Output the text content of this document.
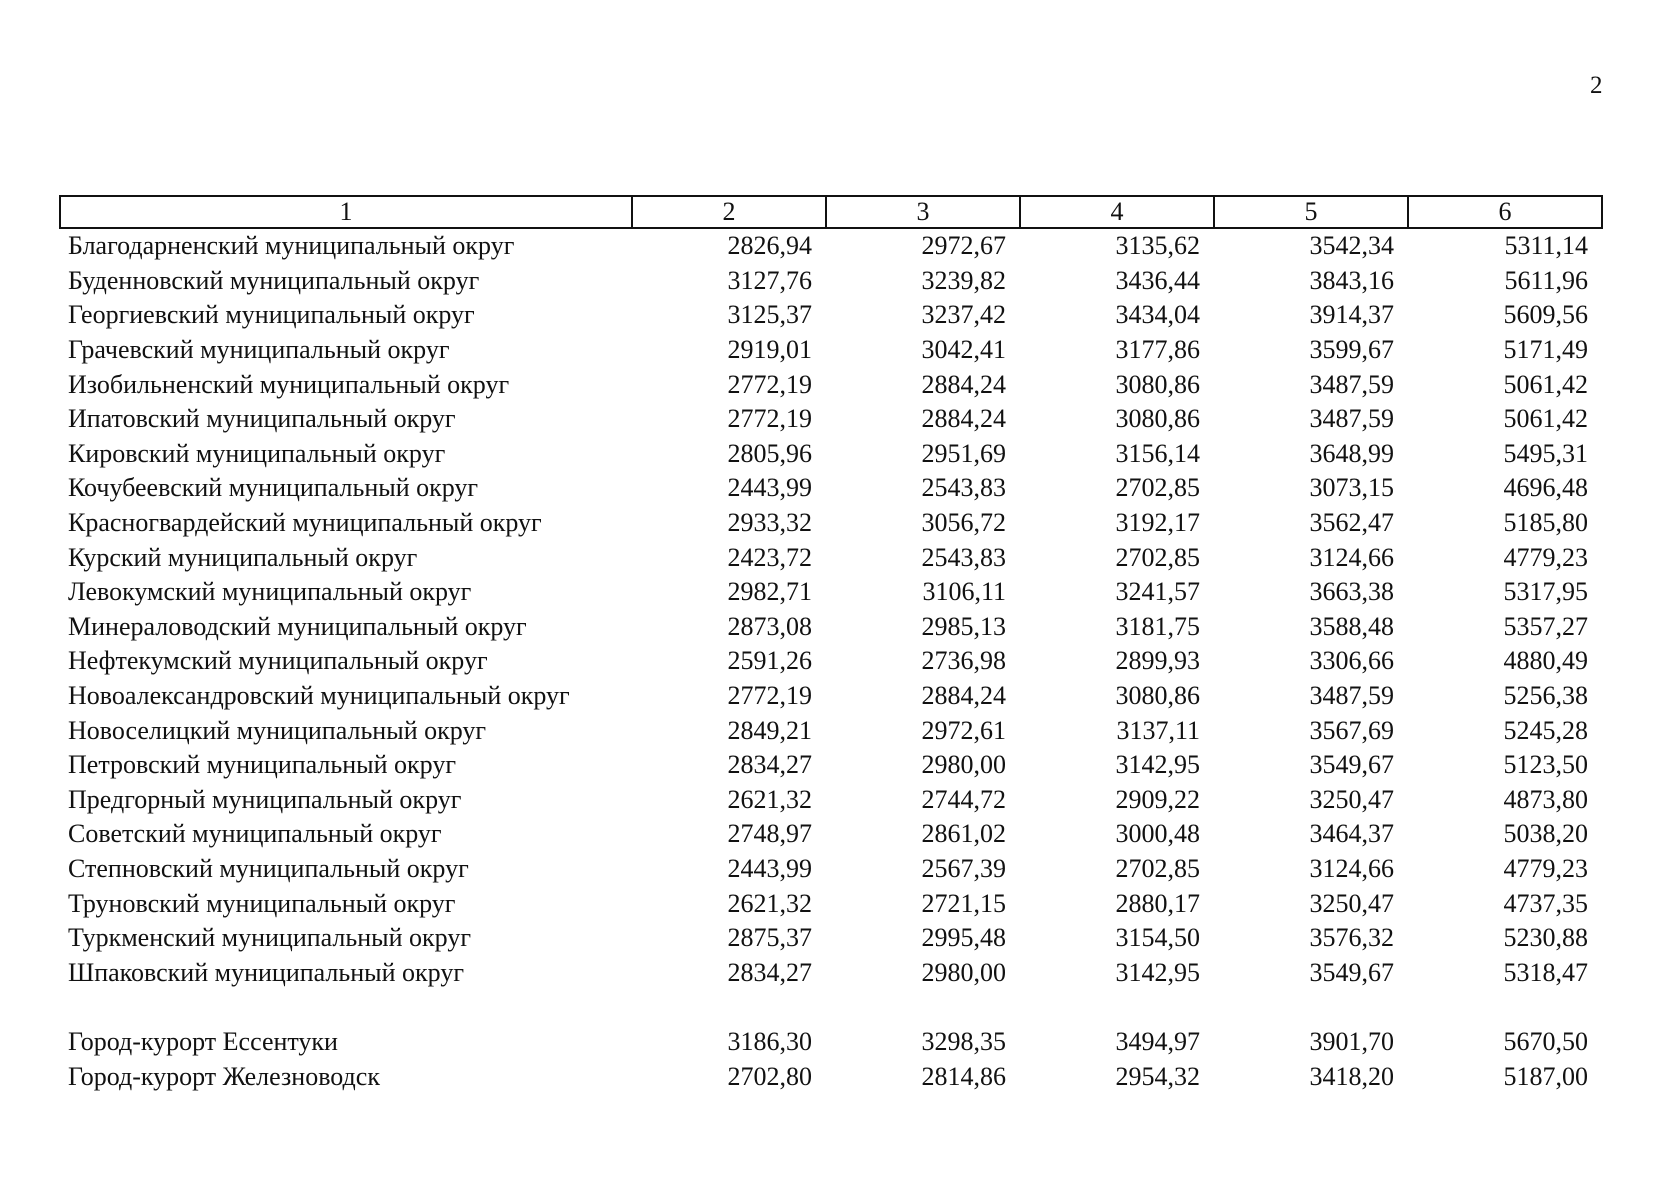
2
1	2	3	4	5	6
Благодарненский муниципальный округ	2826,94	2972,67	3135,62	3542,34	5311,14
Буденновский муниципальный округ	3127,76	3239,82	3436,44	3843,16	5611,96
Георгиевский муниципальный округ	3125,37	3237,42	3434,04	3914,37	5609,56
Грачевский муниципальный округ	2919,01	3042,41	3177,86	3599,67	5171,49
Изобильненский муниципальный округ	2772,19	2884,24	3080,86	3487,59	5061,42
Ипатовский муниципальный округ	2772,19	2884,24	3080,86	3487,59	5061,42
Кировский муниципальный округ	2805,96	2951,69	3156,14	3648,99	5495,31
Кочубеевский муниципальный округ	2443,99	2543,83	2702,85	3073,15	4696,48
Красногвардейский муниципальный округ	2933,32	3056,72	3192,17	3562,47	5185,80
Курский муниципальный округ	2423,72	2543,83	2702,85	3124,66	4779,23
Левокумский муниципальный округ	2982,71	3106,11	3241,57	3663,38	5317,95
Минераловодский муниципальный округ	2873,08	2985,13	3181,75	3588,48	5357,27
Нефтекумский муниципальный округ	2591,26	2736,98	2899,93	3306,66	4880,49
Новоалександровский муниципальный округ	2772,19	2884,24	3080,86	3487,59	5256,38
Новоселицкий муниципальный округ	2849,21	2972,61	3137,11	3567,69	5245,28
Петровский муниципальный округ	2834,27	2980,00	3142,95	3549,67	5123,50
Предгорный муниципальный округ	2621,32	2744,72	2909,22	3250,47	4873,80
Советский муниципальный округ	2748,97	2861,02	3000,48	3464,37	5038,20
Степновский муниципальный округ	2443,99	2567,39	2702,85	3124,66	4779,23
Труновский муниципальный округ	2621,32	2721,15	2880,17	3250,47	4737,35
Туркменский муниципальный округ	2875,37	2995,48	3154,50	3576,32	5230,88
Шпаковский муниципальный округ	2834,27	2980,00	3142,95	3549,67	5318,47

Город-курорт Ессентуки	3186,30	3298,35	3494,97	3901,70	5670,50
Город-курорт Железноводск	2702,80	2814,86	2954,32	3418,20	5187,00
